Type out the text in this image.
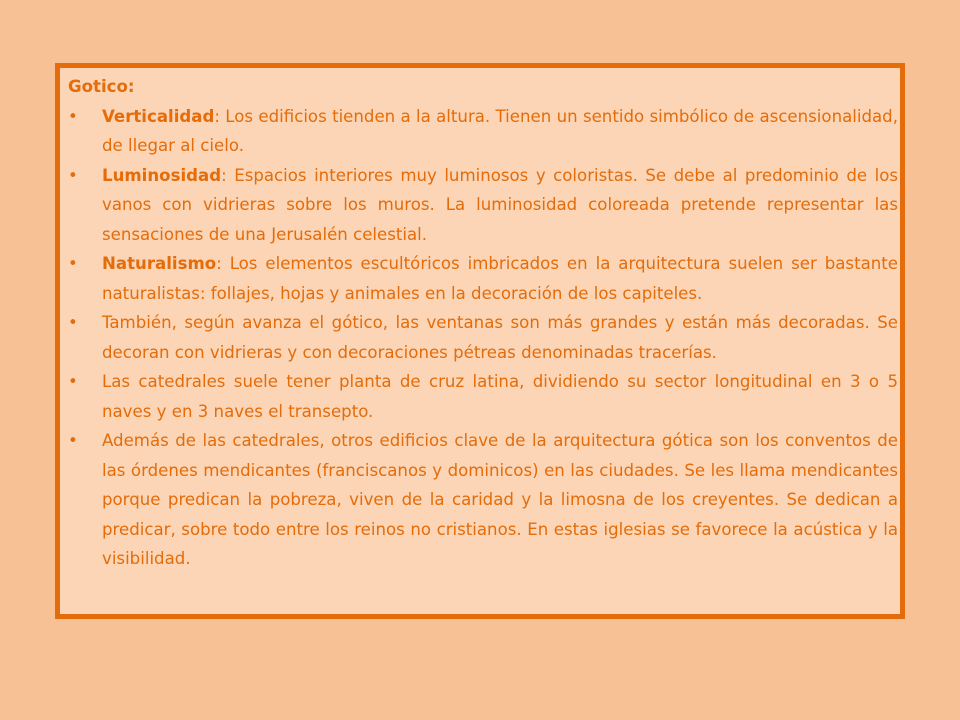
Gotico:

• Verticalidad: Los edificios tienden a la altura. Tienen un sentido simbólico de ascensionalidad, de llegar al cielo.
• Luminosidad: Espacios interiores muy luminosos y coloristas. Se debe al predominio de los vanos con vidrieras sobre los muros. La luminosidad coloreada pretende representar las sensaciones de una Jerusalén celestial.
• Naturalismo: Los elementos escultóricos imbricados en la arquitectura suelen ser bastante naturalistas: follajes, hojas y animales en la decoración de los capiteles.
• También, según avanza el gótico, las ventanas son más grandes y están más decoradas. Se decoran con vidrieras y con decoraciones pétreas denominadas tracerías.
• Las catedrales suele tener planta de cruz latina, dividiendo su sector longitudinal en 3 o 5 naves y en 3 naves el transepto.
• Además de las catedrales, otros edificios clave de la arquitectura gótica son los conventos de las órdenes mendicantes (franciscanos y dominicos) en las ciudades. Se les llama mendicantes porque predican la pobreza, viven de la caridad y la limosna de los creyentes. Se dedican a predicar, sobre todo entre los reinos no cristianos. En estas iglesias se favorece la acústica y la visibilidad.
